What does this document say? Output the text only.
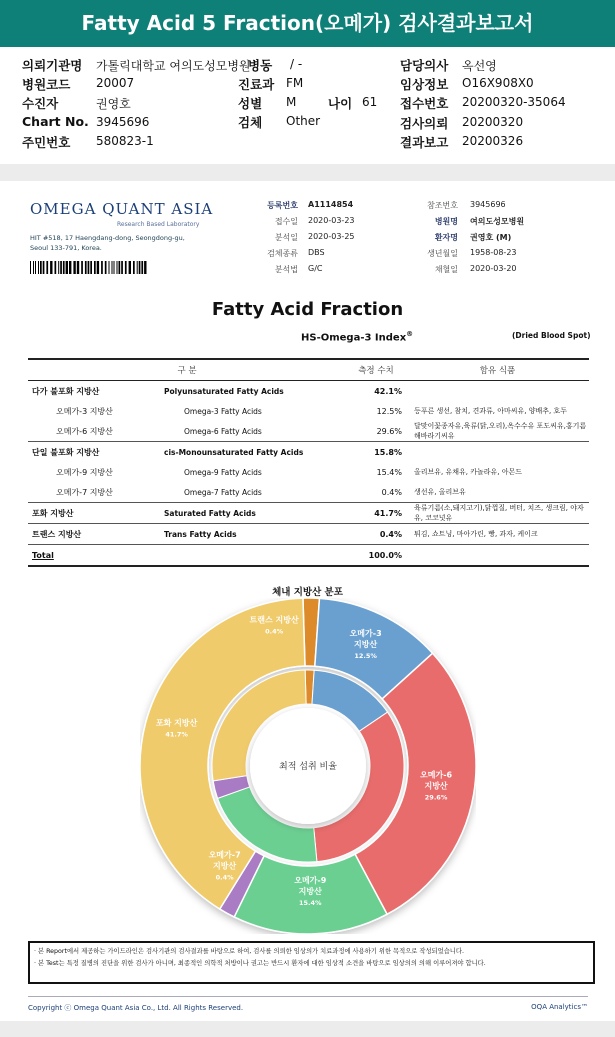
Fatty Acid 5 Fraction(오메가) 검사결과보고서
의뢰기관명 가톨릭대학교 여의도성모병원
병동 / -	담당의사 옥선영
병원코드 20007	진료과 FM	임상정보 O16X908X0
수진자	권영호	성별 M	나이 61 접수번호 20200320-35064
Chart No. 3945696	검체 Other	검사의뢰 20200320
주민번호 580823-1	결과보고 20200326
OMEGA QUANT ASIA
Research Based Laboratory
HIT #518, 17 Haengdang-dong, Seongdong-gu,
Seoul 133-791, Korea.
등록번호 A1114854
접수일 2020-03-23
분석일 2020-03-25
검체종류 DBS
분석법 G/C
참조번호 3945696
병원명 여의도성모병원
환자명 권영호 (M)
생년월일 1958-08-23
채혈일 2020-03-20
Fatty Acid Fraction
HS-Omega-3 Index®	(Dried Blood Spot)
구 분		측정 수치	함유 식품
다가 불포화 지방산	Polyunsaturated Fatty Acids	42.1%	
오메가-3 지방산	Omega-3 Fatty Acids	12.5%	등푸른 생선, 참치, 견과류, 아마씨유, 양배추, 호두
오메가-6 지방산	Omega-6 Fatty Acids	29.6%	달맞이꽃종자유,육류(닭,오리),옥수수유 포도씨유,홍기름 해바라기씨유
단일 불포화 지방산	cis-Monounsaturated Fatty Acids	15.8%	
오메가-9 지방산	Omega-9 Fatty Acids	15.4%	올리브유, 유채유, 카놀라유, 아몬드
오메가-7 지방산	Omega-7 Fatty Acids	0.4%	생선유, 올리브유
포화 지방산	Saturated Fatty Acids	41.7%	육류기름(소,돼지고기),닭껍질, 버터, 치즈, 생크림, 야자유, 코코넛유
트랜스 지방산	Trans Fatty Acids	0.4%	튀김, 쇼트닝, 마아가린, 빵, 과자, 케이크
Total		100.0%	
체내 지방산 분포
최적 섭취 비율
트랜스 지방산 0.4%	오메가-3 지방산 12.5%
오메가-6 지방산 29.6%
오메가-9 지방산 15.4%
오메가-7 지방산 0.4%
포화 지방산 41.7%
· 본 Report에서 제공하는 가이드라인은 검사기관의 검사결과를 바탕으로 하여, 검사를 의뢰한 임상의가 치료과정에 사용하기 위한 목적으로 작성되었습니다.
· 본 Test는 특정 질병의 진단을 위한 검사가 아니며, 최종적인 의학적 처방이나 권고는 반드시 환자에 대한 임상적 소견을 바탕으로 임상의의 의해 이루어져야 합니다.
Copyright ⓒ Omega Quant Asia Co., Ltd. All Rights Reserved.	OQA Analytics™
